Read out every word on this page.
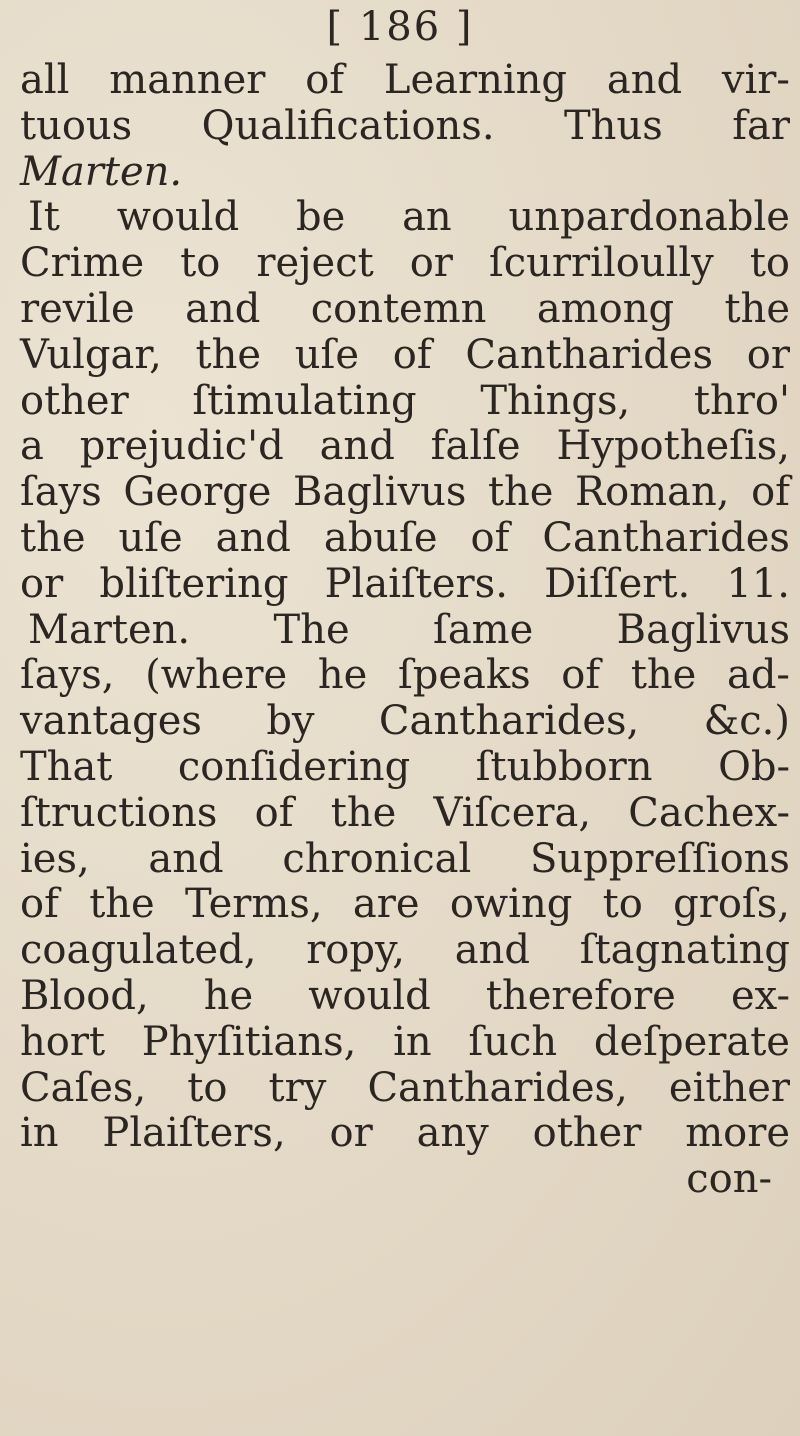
[ 186 ]
all manner of Learning and vir-
tuous Qualifications. Thus far
Marten.
It would be an unpardonable
Crime to reject or ſcurriloully to
revile and contemn among the
Vulgar, the uſe of Cantharides or
other ſtimulating Things, thro'
a prejudic'd and falſe Hypotheſis,
ſays George Baglivus the Roman, of
the uſe and abuſe of Cantharides
or bliſtering Plaiſters. Diſſert. 11.
Marten. The ſame Baglivus
ſays, (where he ſpeaks of the ad-
vantages by Cantharides, &c.)
That conſidering ſtubborn Ob-
ſtructions of the Viſcera, Cachex-
ies, and chronical Suppreſſions
of the Terms, are owing to groſs,
coagulated, ropy, and ſtagnating
Blood, he would therefore ex-
hort Phyſitians, in ſuch deſperate
Caſes, to try Cantharides, either
in Plaiſters, or any other more
con-
